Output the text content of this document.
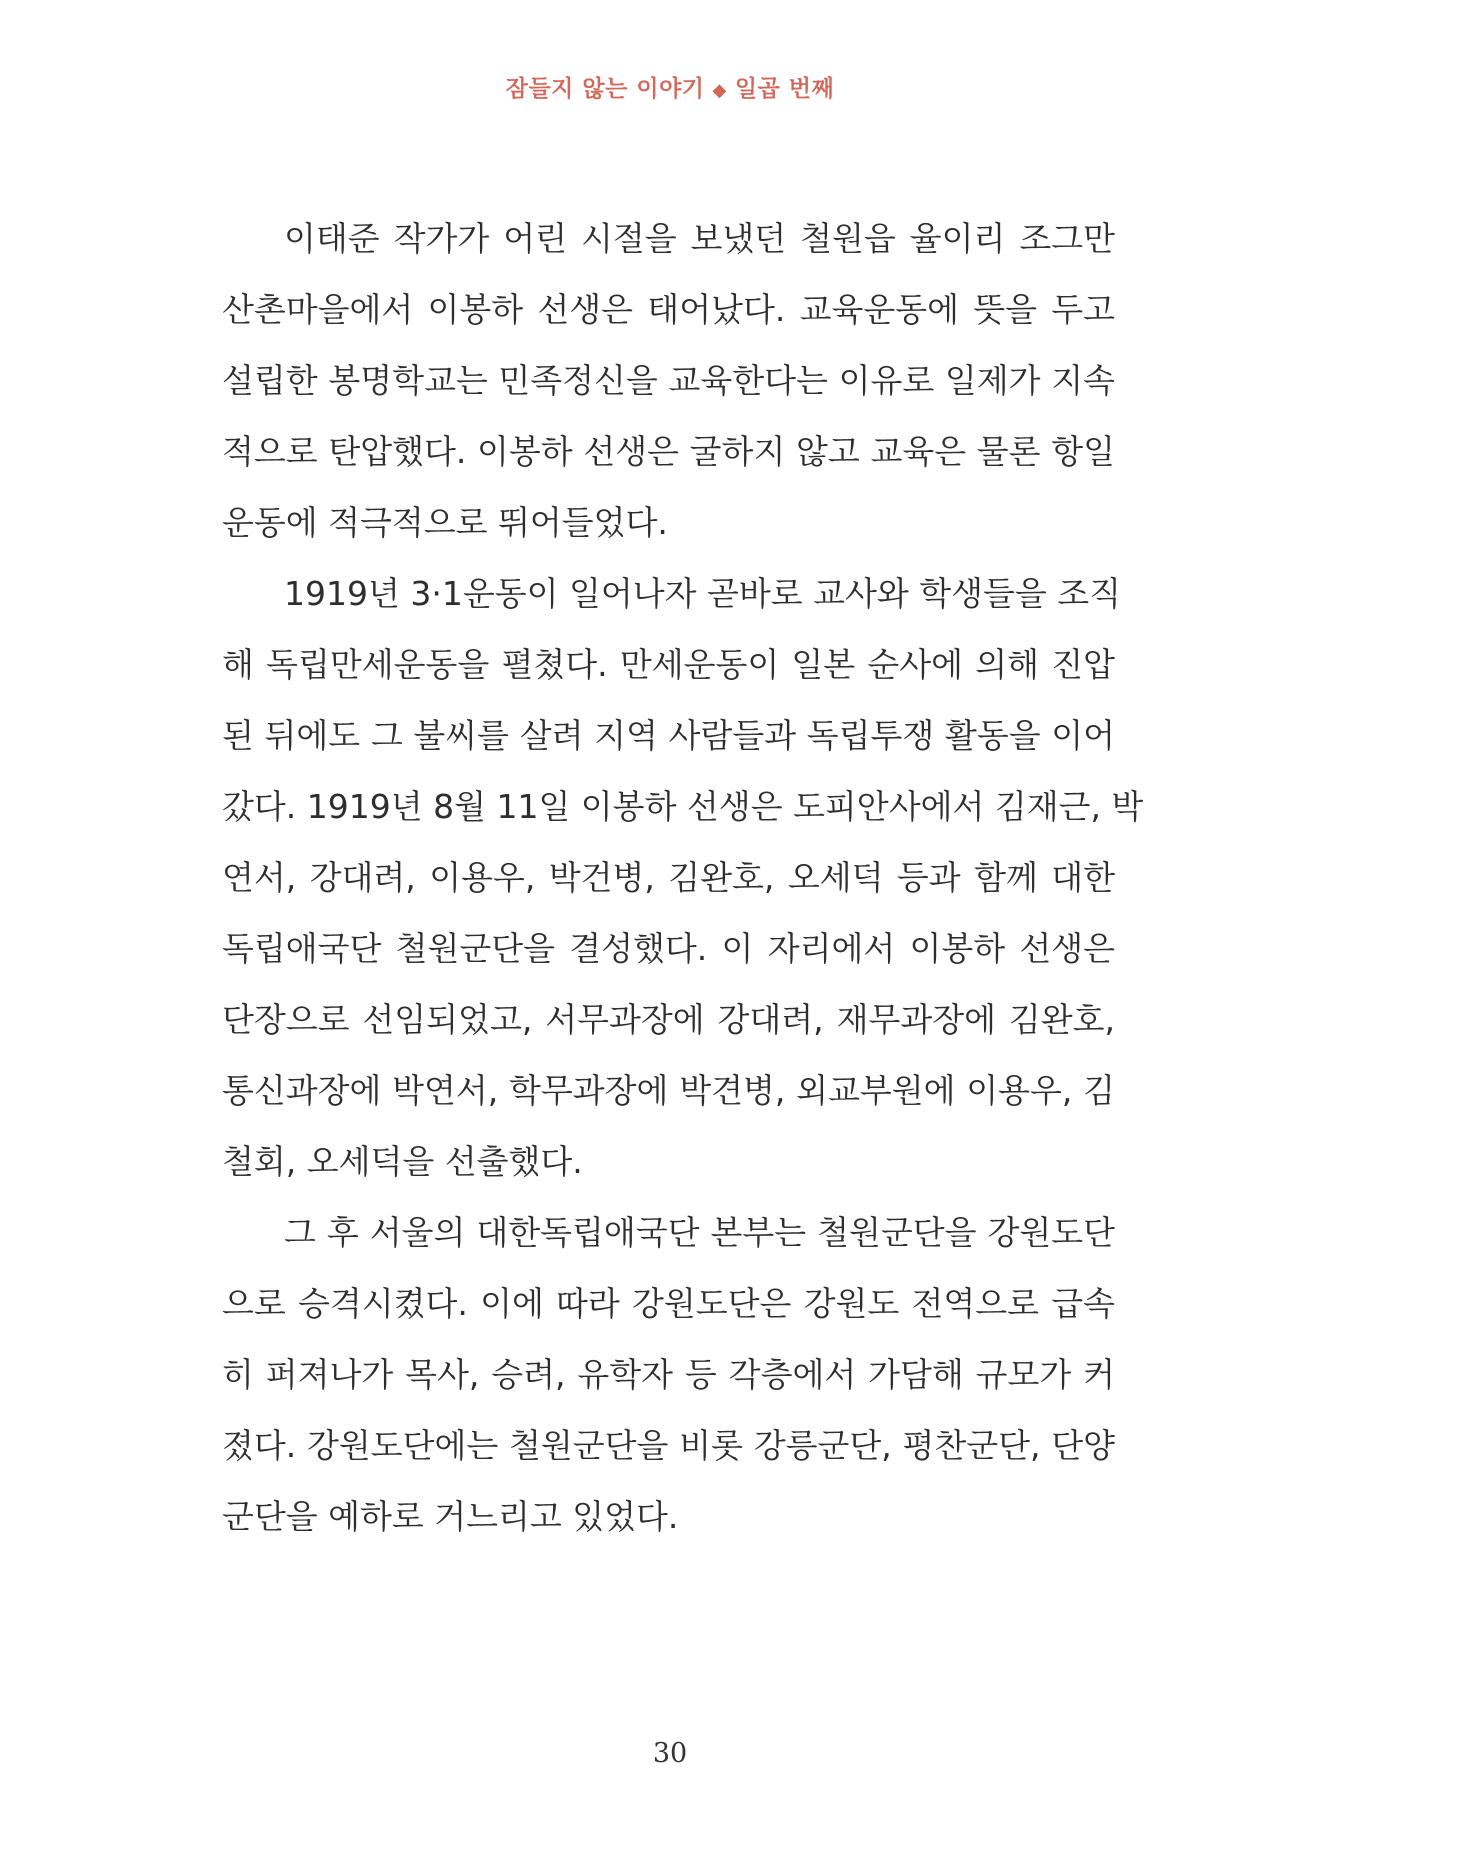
잠들지 않는 이야기 ◆ 일곱 번째

이태준 작가가 어린 시절을 보냈던 철원읍 율이리 조그만
산촌마을에서 이봉하 선생은 태어났다. 교육운동에 뜻을 두고
설립한 봉명학교는 민족정신을 교육한다는 이유로 일제가 지속
적으로 탄압했다. 이봉하 선생은 굴하지 않고 교육은 물론 항일
운동에 적극적으로 뛰어들었다.

1919년 3·1운동이 일어나자 곧바로 교사와 학생들을 조직
해 독립만세운동을 펼쳤다. 만세운동이 일본 순사에 의해 진압
된 뒤에도 그 불씨를 살려 지역 사람들과 독립투쟁 활동을 이어
갔다. 1919년 8월 11일 이봉하 선생은 도피안사에서 김재근, 박
연서, 강대려, 이용우, 박건병, 김완호, 오세덕 등과 함께 대한
독립애국단 철원군단을 결성했다. 이 자리에서 이봉하 선생은
단장으로 선임되었고, 서무과장에 강대려, 재무과장에 김완호,
통신과장에 박연서, 학무과장에 박견병, 외교부원에 이용우, 김
철회, 오세덕을 선출했다.

그 후 서울의 대한독립애국단 본부는 철원군단을 강원도단
으로 승격시켰다. 이에 따라 강원도단은 강원도 전역으로 급속
히 퍼져나가 목사, 승려, 유학자 등 각층에서 가담해 규모가 커
졌다. 강원도단에는 철원군단을 비롯 강릉군단, 평찬군단, 단양
군단을 예하로 거느리고 있었다.

30
